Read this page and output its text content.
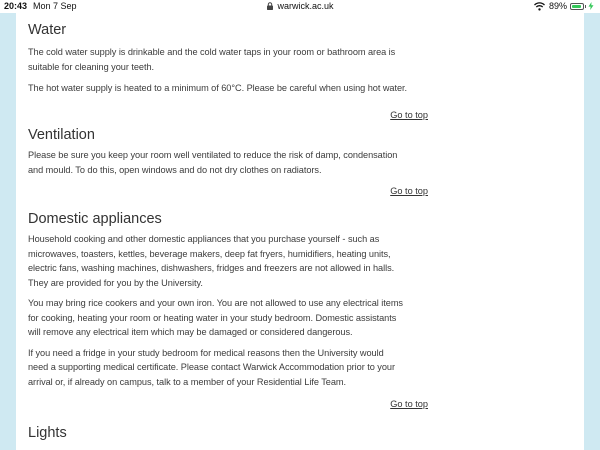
20:43 Mon 7 Sep	warwick.ac.uk	89%
Water

The cold water supply is drinkable and the cold water taps in your room or bathroom area is
suitable for cleaning your teeth.

The hot water supply is heated to a minimum of 60°C. Please be careful when using hot water.

Go to top
Ventilation

Please be sure you keep your room well ventilated to reduce the risk of damp, condensation
and mould. To do this, open windows and do not dry clothes on radiators.

Go to top
Domestic appliances

Household cooking and other domestic appliances that you purchase yourself - such as
microwaves, toasters, kettles, beverage makers, deep fat fryers, humidifiers, heating units,
electric fans, washing machines, dishwashers, fridges and freezers are not allowed in halls.
They are provided for you by the University.

You may bring rice cookers and your own iron. You are not allowed to use any electrical items
for cooking, heating your room or heating water in your study bedroom. Domestic assistants
will remove any electrical item which may be damaged or considered dangerous.

If you need a fridge in your study bedroom for medical reasons then the University would
need a supporting medical certificate. Please contact Warwick Accommodation prior to your
arrival or, if already on campus, talk to a member of your Residential Life Team.

Go to top
Lights
